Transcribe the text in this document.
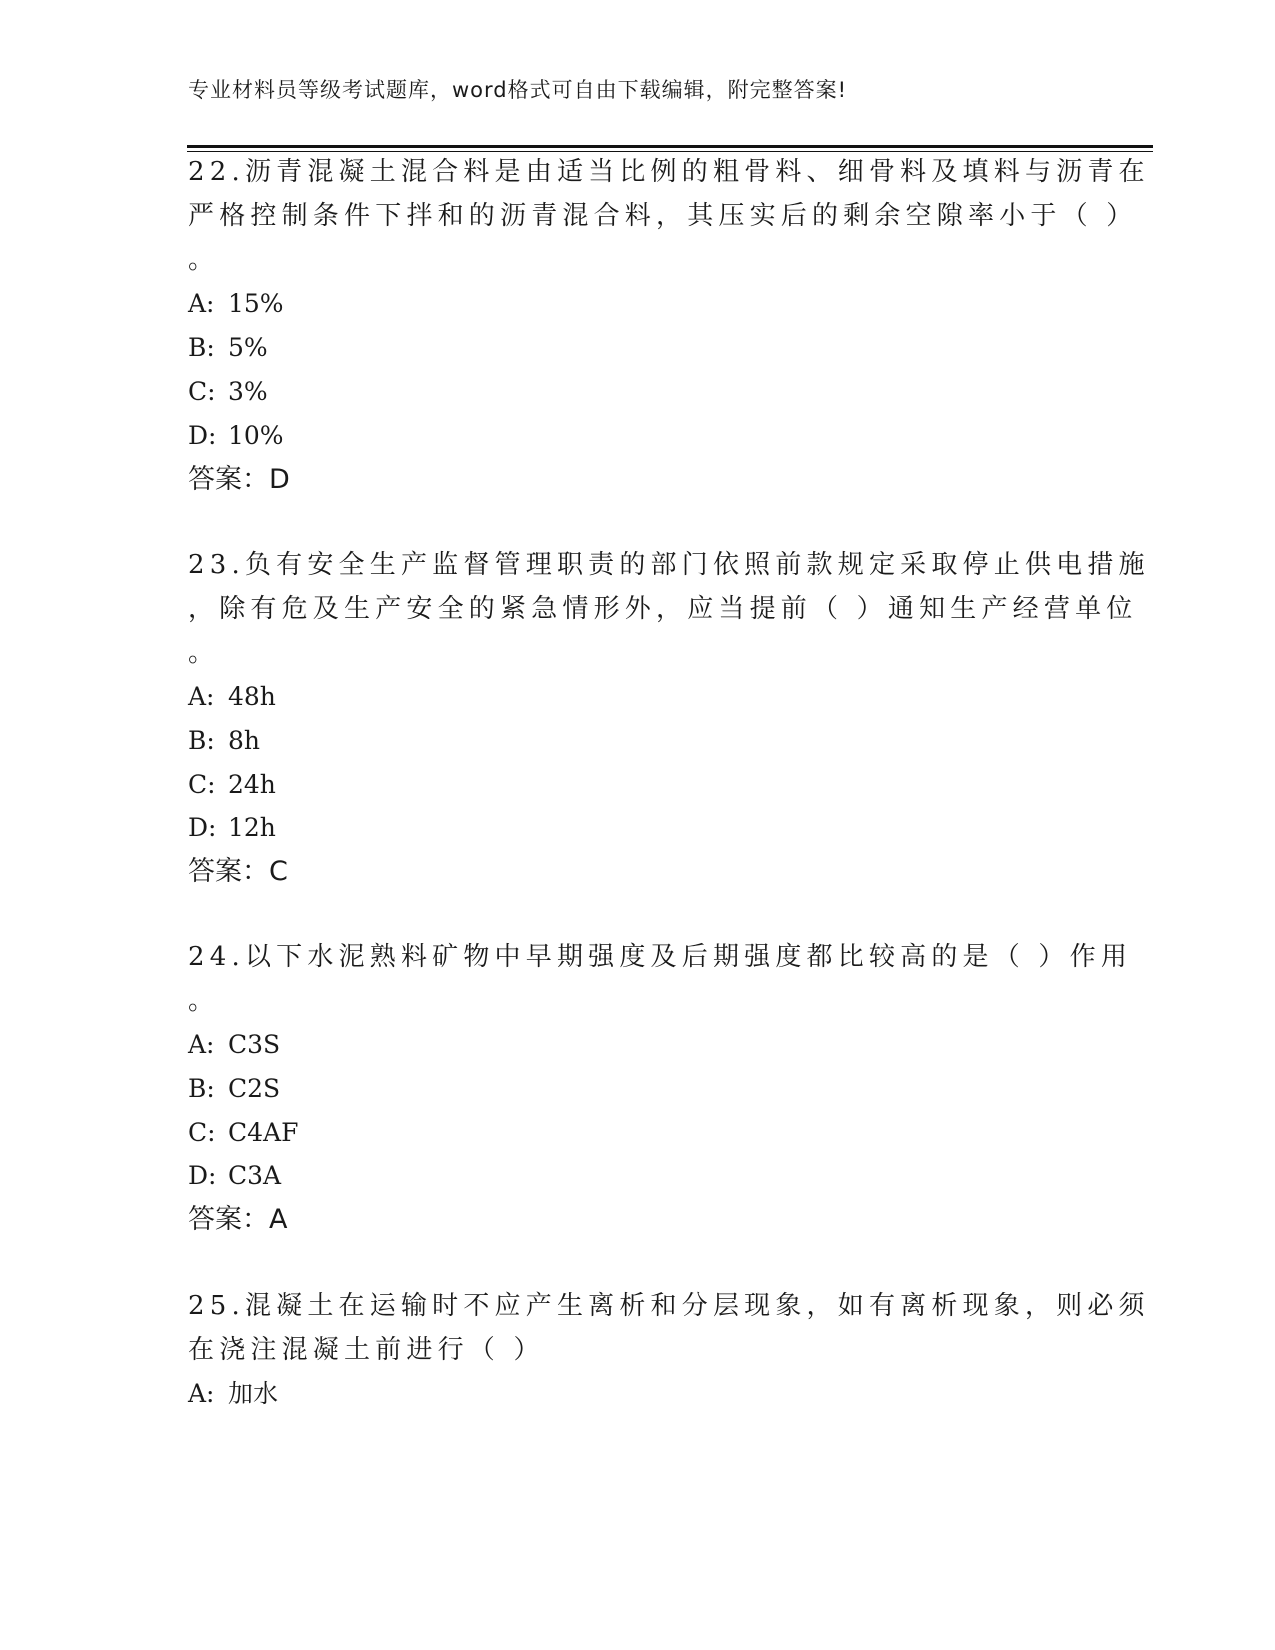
专业材料员等级考试题库，word格式可自由下载编辑，附完整答案!
22.沥青混凝土混合料是由适当比例的粗骨料、细骨料及填料与沥青在
严格控制条件下拌和的沥青混合料，其压实后的剩余空隙率小于（ ）
。
A: 15%
B: 5%
C: 3%
D: 10%
答案：D
23.负有安全生产监督管理职责的部门依照前款规定采取停止供电措施
，除有危及生产安全的紧急情形外，应当提前（ ）通知生产经营单位
。
A: 48h
B: 8h
C: 24h
D: 12h
答案：C
24.以下水泥熟料矿物中早期强度及后期强度都比较高的是（ ）作用
。
A: C3S
B: C2S
C: C4AF
D: C3A
答案：A
25.混凝土在运输时不应产生离析和分层现象，如有离析现象，则必须
在浇注混凝土前进行（ ）
A: 加水
